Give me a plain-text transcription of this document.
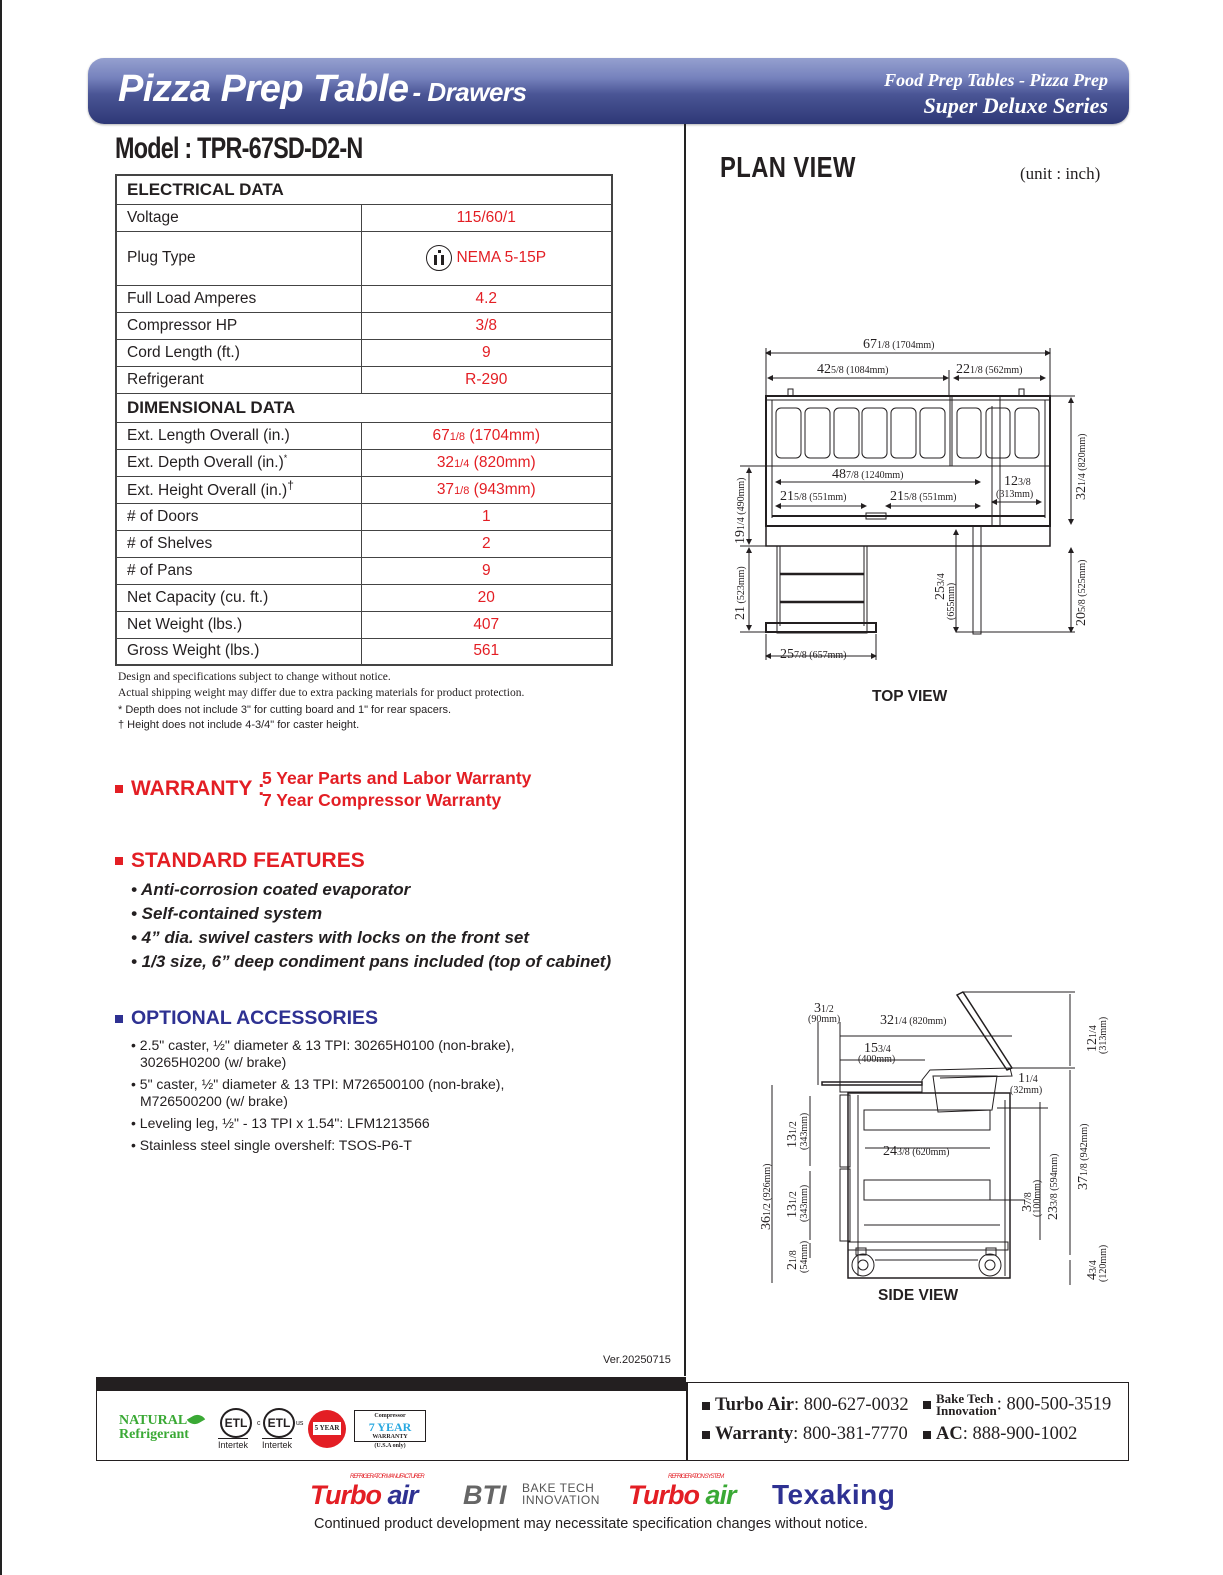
Pizza Prep Table - Drawers	Food Prep Tables - Pizza Prep
Super Deluxe Series
Model : TPR-67SD-D2-N
ELECTRICAL DATA	
Voltage	115/60/1
Plug Type	NEMA 5-15P
Full Load Amperes	4.2
Compressor HP	3/8
Cord Length (ft.)	9
Refrigerant	R-290
DIMENSIONAL DATA	
Ext. Length Overall (in.)	671/8 (1704mm)
Ext. Depth Overall (in.)*	321/4 (820mm)
Ext. Height Overall (in.)†	371/8 (943mm)
# of Doors	1
# of Shelves	2
# of Pans	9
Net Capacity (cu. ft.)	20
Net Weight (lbs.)	407
Gross Weight (lbs.)	561
Design and specifications subject to change without notice.
Actual shipping weight may differ due to extra packing materials for product protection.
* Depth does not include 3" for cutting board and 1" for rear spacers.
† Height does not include 4-3/4" for caster height.
WARRANTY :
5 Year Parts and Labor Warranty
7 Year Compressor Warranty
STANDARD FEATURES
• Anti-corrosion coated evaporator
• Self-contained system
• 4” dia. swivel casters with locks on the front set
• 1/3 size, 6” deep condiment pans included (top of cabinet)
OPTIONAL ACCESSORIES
• 2.5" caster, ½" diameter & 13 TPI: 30265H0100 (non-brake), 30265H0200 (w/ brake)
• 5" caster, ½" diameter & 13 TPI: M726500100 (non-brake), M726500200 (w/ brake)
• Leveling leg, ½" - 13 TPI x 1.54": LFM1213566
• Stainless steel single overshelf: TSOS-P6-T
Ver.20250715
PLAN VIEW	(unit : inch)
671/8 (1704mm)
425/8 (1084mm)	221/8 (562mm)
487/8 (1240mm)
215/8 (551mm)	215/8 (551mm)
123/8
(313mm)
257/8 (657mm)
321/4 (820mm)
205/8 (525mm)
191/4 (490mm)
21 (523mm)	253/4
(655mm)
TOP VIEW
31/2
(90mm)	321/4 (820mm)
153/4
(400mm)
11/4
(32mm)
243/8 (620mm)
121/4 (313mm)
371/8 (942mm)
43/4 (120mm)
233/8 (594mm)
37/8
(100mm)
361/2 (926mm)
131/2 (343mm)
131/2 (343mm)
21/8 (54mm)
SIDE VIEW
NATURAL
Refrigerant
ETL
Intertek
c ETL us
Intertek
5 YEAR
Compressor
7 YEAR
WARRANTY
(U.S.A only)
Turbo Air: 800-627-0032	Bake Tech
Innovation: 800-500-3519
Warranty: 800-381-7770	AC: 888-900-1002
REFRIGERATOR MANUFACTURER
Turbo air BTI BAKE TECH
INNOVATION
REFRIGERATION SYSTEM
Turbo air Texaking
Continued product development may necessitate specification changes without notice.
